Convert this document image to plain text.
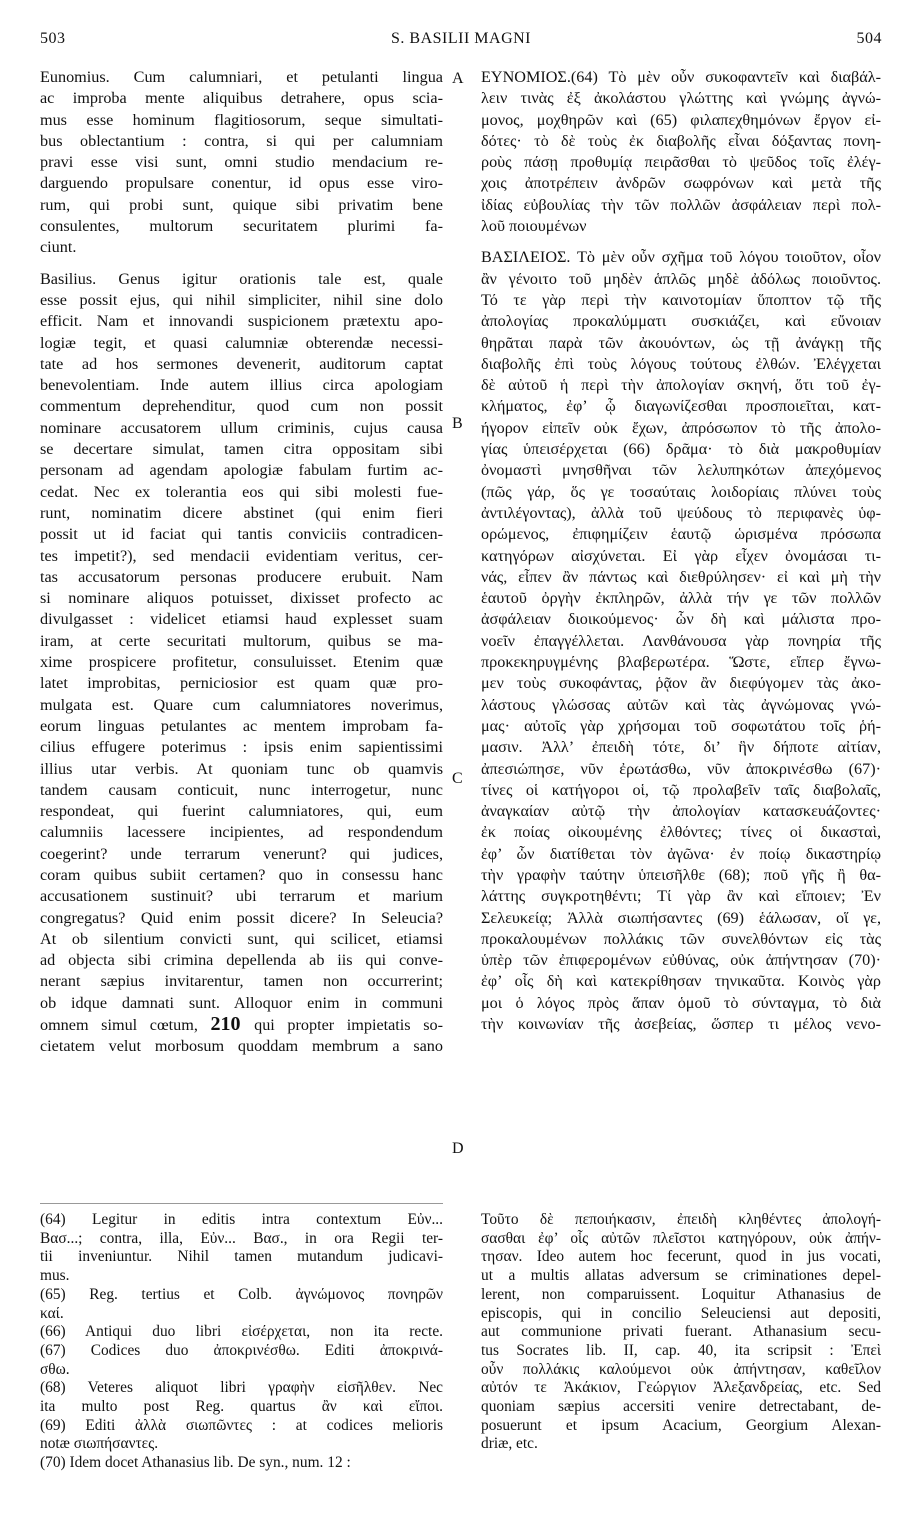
503	S. BASILII MAGNI	504
A
B
C
D

Eunomius. Cum calumniari, et petulanti lingua
ac improba mente aliquibus detrahere, opus scia-
mus esse hominum flagitiosorum, seque simultati-
bus oblectantium : contra, si qui per calumniam
pravi esse visi sunt, omni studio mendacium re-
darguendo propulsare conentur, id opus esse viro-
rum, qui probi sunt, quique sibi privatim bene
consulentes, multorum securitatem plurimi fa-
ciunt.

Basilius. Genus igitur orationis tale est, quale
esse possit ejus, qui nihil simpliciter, nihil sine dolo
efficit. Nam et innovandi suspicionem prætextu apo-
logiæ tegit, et quasi calumniæ obterendæ necessi-
tate ad hos sermones devenerit, auditorum captat
benevolentiam. Inde autem illius circa apologiam
commentum deprehenditur, quod cum non possit
nominare accusatorem ullum criminis, cujus causa
se decertare simulat, tamen citra oppositam sibi
personam ad agendam apologiæ fabulam furtim ac-
cedat. Nec ex tolerantia eos qui sibi molesti fue-
runt, nominatim dicere abstinet (qui enim fieri
possit ut id faciat qui tantis conviciis contradicen-
tes impetit?), sed mendacii evidentiam veritus, cer-
tas accusatorum personas producere erubuit. Nam
si nominare aliquos potuisset, dixisset profecto ac
divulgasset : videlicet etiamsi haud explesset suam
iram, at certe securitati multorum, quibus se ma-
xime prospicere profitetur, consuluisset. Etenim quæ
latet improbitas, perniciosior est quam quæ pro-
mulgata est. Quare cum calumniatores noverimus,
eorum linguas petulantes ac mentem improbam fa-
cilius effugere poterimus : ipsis enim sapientissimi
illius utar verbis. At quoniam tunc ob quamvis
tandem causam conticuit, nunc interrogetur, nunc
respondeat, qui fuerint calumniatores, qui, eum
calumniis lacessere incipientes, ad respondendum
coegerint? unde terrarum venerunt? qui judices,
coram quibus subiit certamen? quo in consessu hanc
accusationem sustinuit? ubi terrarum et marium
congregatus? Quid enim possit dicere? In Seleucia?
At ob silentium convicti sunt, qui scilicet, etiamsi
ad objecta sibi crimina depellenda ab iis qui conve-
nerant sæpius invitarentur, tamen non occurrerint;
ob idque damnati sunt. Alloquor enim in communi
omnem simul cœtum, 210 qui propter impietatis so-
cietatem velut morbosum quoddam membrum a sano

ΕΥΝΟΜΙΟΣ.(64) Τὸ μὲν οὖν συκοφαντεῖν καὶ διαβάλ-
λειν τινὰς ἐξ ἀκολάστου γλώττης καὶ γνώμης ἀγνώ-
μονος, μοχθηρῶν καὶ (65) φιλαπεχθημόνων ἔργον εἰ-
δότες· τὸ δὲ τοὺς ἐκ διαβολῆς εἶναι δόξαντας πονη-
ροὺς πάσῃ προθυμίᾳ πειρᾶσθαι τὸ ψεῦδος τοῖς ἐλέγ-
χοις ἀποτρέπειν ἀνδρῶν σωφρόνων καὶ μετὰ τῆς
ἰδίας εὐβουλίας τὴν τῶν πολλῶν ἀσφάλειαν περὶ πολ-
λοῦ ποιουμένων

ΒΑΣΙΛΕΙΟΣ. Τὸ μὲν οὖν σχῆμα τοῦ λόγου τοιοῦτον, οἷον
ἂν γένοιτο τοῦ μηδὲν ἁπλῶς μηδὲ ἀδόλως ποιοῦντος.
Τό τε γὰρ περὶ τὴν καινοτομίαν ὕποπτον τῷ τῆς
ἀπολογίας προκαλύμματι συσκιάζει, καὶ εὔνοιαν
θηρᾶται παρὰ τῶν ἀκουόντων, ὡς τῇ ἀνάγκῃ τῆς
διαβολῆς ἐπὶ τοὺς λόγους τούτους ἐλθών. Ἐλέγχεται
δὲ αὐτοῦ ἡ περὶ τὴν ἀπολογίαν σκηνή, ὅτι τοῦ ἐγ-
κλήματος, ἐφ’ ᾧ διαγωνίζεσθαι προσποιεῖται, κατ-
ήγορον εἰπεῖν οὐκ ἔχων, ἀπρόσωπον τὸ τῆς ἀπολο-
γίας ὑπεισέρχεται (66) δρᾶμα· τὸ διὰ μακροθυμίαν
ὀνομαστὶ μνησθῆναι τῶν λελυπηκότων ἀπεχόμενος
(πῶς γάρ, ὅς γε τοσαύταις λοιδορίαις πλύνει τοὺς
ἀντιλέγοντας), ἀλλὰ τοῦ ψεύδους τὸ περιφανὲς ὑφ-
ορώμενος, ἐπιφημίζειν ἑαυτῷ ὡρισμένα πρόσωπα
κατηγόρων αἰσχύνεται. Εἰ γὰρ εἶχεν ὀνομάσαι τι-
νάς, εἶπεν ἂν πάντως καὶ διεθρύλησεν· εἰ καὶ μὴ τὴν
ἑαυτοῦ ὀργὴν ἐκπληρῶν, ἀλλὰ τήν γε τῶν πολλῶν
ἀσφάλειαν διοικούμενος· ὧν δὴ καὶ μάλιστα προ-
νοεῖν ἐπαγγέλλεται. Λανθάνουσα γὰρ πονηρία τῆς
προκεκηρυγμένης βλαβερωτέρα. Ὥστε, εἴπερ ἔγνω-
μεν τοὺς συκοφάντας, ῥᾷον ἂν διεφύγομεν τὰς ἀκο-
λάστους γλώσσας αὐτῶν καὶ τὰς ἀγνώμονας γνώ-
μας· αὐτοῖς γὰρ χρήσομαι τοῦ σοφωτάτου τοῖς ῥή-
μασιν. Ἀλλ’ ἐπειδὴ τότε, δι’ ἣν δήποτε αἰτίαν,
ἀπεσιώπησε, νῦν ἐρωτάσθω, νῦν ἀποκρινέσθω (67)·
τίνες οἱ κατήγοροι οἱ, τῷ προλαβεῖν ταῖς διαβολαῖς,
ἀναγκαίαν αὐτῷ τὴν ἀπολογίαν κατασκευάζοντες·
ἐκ ποίας οἰκουμένης ἐλθόντες; τίνες οἱ δικασταὶ,
ἐφ’ ὧν διατίθεται τὸν ἀγῶνα· ἐν ποίῳ δικαστηρίῳ
τὴν γραφὴν ταύτην ὑπεισῆλθε (68); ποῦ γῆς ἢ θα-
λάττης συγκροτηθέντι; Τί γὰρ ἂν καὶ εἴποιεν; Ἐν
Σελευκείᾳ; Ἀλλὰ σιωπήσαντες (69) ἑάλωσαν, οἵ γε,
προκαλουμένων πολλάκις τῶν συνελθόντων εἰς τὰς
ὑπὲρ τῶν ἐπιφερομένων εὐθύνας, οὐκ ἀπήντησαν (70)·
ἐφ’ οἷς δὴ καὶ κατεκρίθησαν τηνικαῦτα. Κοινὸς γὰρ
μοι ὁ λόγος πρὸς ἅπαν ὁμοῦ τὸ σύνταγμα, τὸ διὰ
τὴν κοινωνίαν τῆς ἀσεβείας, ὥσπερ τι μέλος νενο-

(64) Legitur in editis intra contextum Εὐν...
Βασ...; contra, illa, Εὐν... Βασ., in ora Regii ter-
tii inveniuntur. Nihil tamen mutandum judicavi-
mus.
(65) Reg. tertius et Colb. ἀγνώμονος πονηρῶν
καί.
(66) Antiqui duo libri εἰσέρχεται, non ita recte.
(67) Codices duo ἀποκρινέσθω. Editi ἀποκρινά-
σθω.
(68) Veteres aliquot libri γραφὴν εἰσῆλθεν. Nec
ita multo post Reg. quartus ἂν καὶ εἴποι.
(69) Editi ἀλλὰ σιωπῶντες : at codices melioris
notæ σιωπήσαντες.
(70) Idem docet Athanasius lib. De syn., num. 12 :
Τοῦτο δὲ πεποιήκασιν, ἐπειδὴ κληθέντες ἀπολογή-
σασθαι ἐφ’ οἷς αὐτῶν πλεῖστοι κατηγόρουν, οὐκ ἀπήν-
τησαν. Ideo autem hoc fecerunt, quod in jus vocati,
ut a multis allatas adversum se criminationes depel-
lerent, non comparuissent. Loquitur Athanasius de
episcopis, qui in concilio Seleuciensi aut depositi,
aut communione privati fuerant. Athanasium secu-
tus Socrates lib. II, cap. 40, ita scripsit : Ἐπεὶ
οὖν πολλάκις καλούμενοι οὐκ ἀπήντησαν, καθεῖλον
αὐτόν τε Ἀκάκιον, Γεώργιον Ἀλεξανδρείας, etc. Sed
quoniam sæpius accersiti venire detrectabant, de-
posuerunt et ipsum Acacium, Georgium Alexan-
driæ, etc.
